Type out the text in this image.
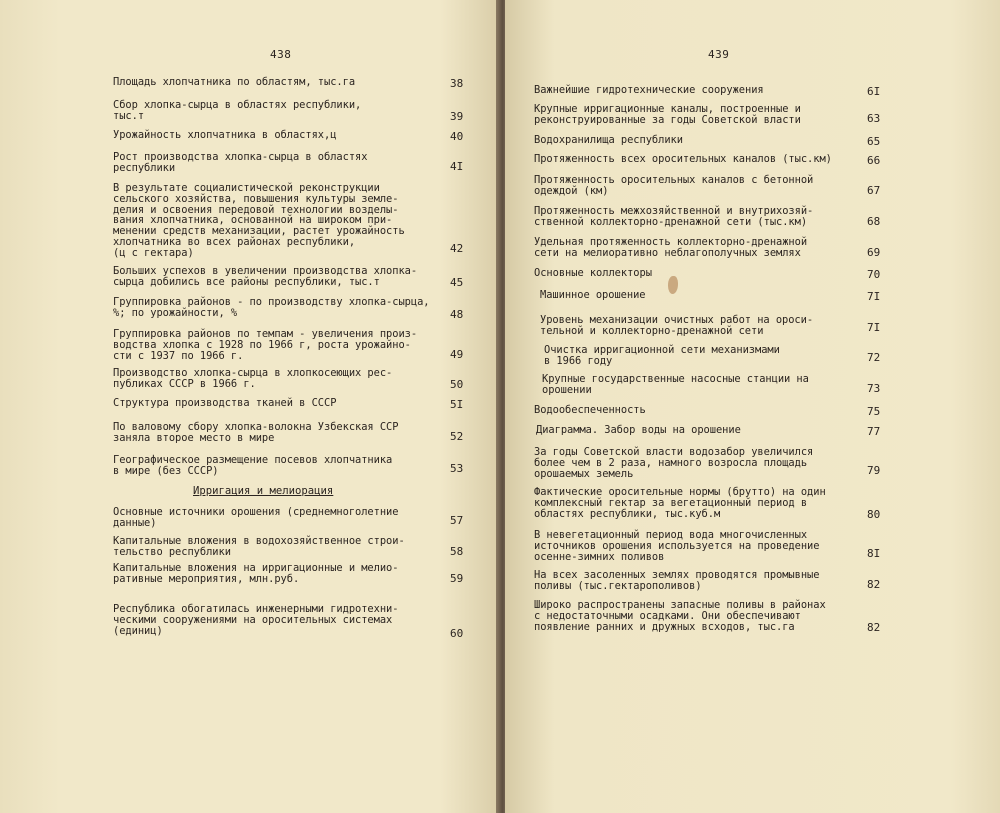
438
Площадь хлопчатника по областям, тыс.га	38
Сбор хлопка-сырца в областях республики,
тыс.т	39
Урожайность хлопчатника в областях,ц	40
Рост производства хлопка-сырца в областях
республики	4I
В результате социалистической реконструкции
сельского хозяйства, повышения культуры земле-
делия и освоения передовой технологии возделы-
вания хлопчатника, основанной на широком при-
менении средств механизации, растет урожайность
хлопчатника во всех районах республики,
(ц с гектара)	42
Больших успехов в увеличении производства хлопка-
сырца добились все районы республики, тыс.т	45
Группировка районов - по производству хлопка-сырца,
%; по урожайности, %	48
Группировка районов по темпам - увеличения произ-
водства хлопка с 1928 по 1966 г, роста урожайно-
сти с 1937 по 1966 г.	49
Производство хлопка-сырца в хлопкосеющих рес-
публиках СССР в 1966 г.	50
Структура производства тканей в СССР	5I
По валовому сбору хлопка-волокна Узбекская ССР
заняла второе место в мире	52
Географическое размещение посевов хлопчатника
в мире (без СССР)	53
Основные источники орошения (среднемноголетние
данные)	57
Капитальные вложения в водохозяйственное строи-
тельство республики	58
Капитальные вложения на ирригационные и мелио-
ративные мероприятия, млн.руб.	59
Республика обогатилась инженерными гидротехни-
ческими сооружениями на оросительных системах
(единиц)	60
Ирригация и мелиорация
439
Важнейшие гидротехнические сооружения	6I
Крупные ирригационные каналы, построенные и
реконструированные за годы Советской власти	63
Водохранилища республики	65
Протяженность всех оросительных каналов (тыс.км)	66
Протяженность оросительных каналов с бетонной
одеждой (км)	67
Протяженность межхозяйственной и внутрихозяй-
ственной коллекторно-дренажной сети (тыс.км)	68
Удельная протяженность коллекторно-дренажной
сети на мелиоративно неблагополучных землях	69
Основные коллекторы	70
Машинное орошение	7I
Уровень механизации очистных работ на ороси-
тельной и коллекторно-дренажной сети	7I
Очистка ирригационной сети механизмами
в 1966 году	72
Крупные государственные насосные станции на
орошении	73
Водообеспеченность	75
Диаграмма. Забор воды на орошение	77
За годы Советской власти водозабор увеличился
более чем в 2 раза, намного возросла площадь
орошаемых земель	79
Фактические оросительные нормы (брутто) на один
комплексный гектар за вегетационный период в
областях республики, тыс.куб.м	80
В невегетационный период вода многочисленных
источников орошения используется на проведение
осенне-зимних поливов	8I
На всех засоленных землях проводятся промывные
поливы (тыс.гектарополивов)	82
Широко распространены запасные поливы в районах
с недостаточными осадками. Они обеспечивают
появление ранних и дружных всходов, тыс.га	82
